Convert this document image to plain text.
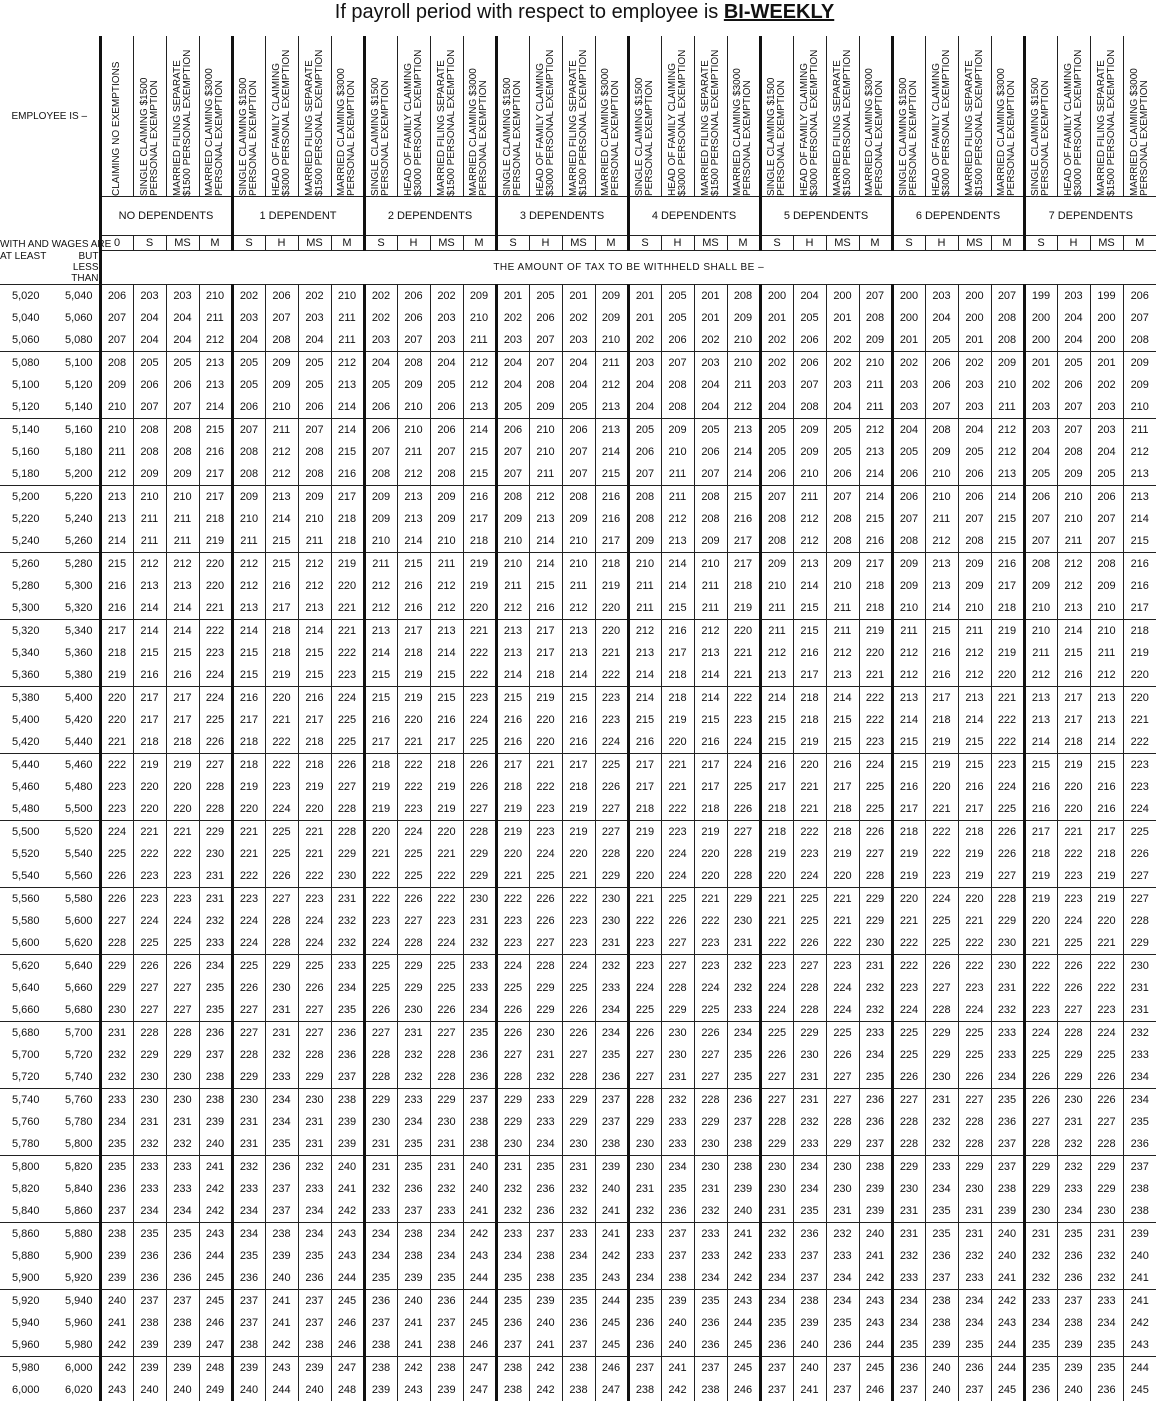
If payroll period with respect to employee is BI-WEEKLY
EMPLOYEE IS –		CLAIMING NO EXEMPTIONS	SINGLE CLAIMING $1500 PERSONAL EXEMPTION	MARRIED FILING SEPARATE $1500 PERSONAL EXEMPTION	MARRIED CLAIMING $3000 PERSONAL EXEMPTION	SINGLE CLAIMING $1500 PERSONAL EXEMPTION	HEAD OF FAMILY CLAIMING $3000 PERSONAL EXEMPTION	MARRIED FILING SEPARATE $1500 PERSONAL EXEMPTION	MARRIED CLAIMING $3000 PERSONAL EXEMPTION	SINGLE CLAIMING $1500 PERSONAL EXEMPTION	HEAD OF FAMILY CLAIMING $3000 PERSONAL EXEMPTION	MARRIED FILING SEPARATE $1500 PERSONAL EXEMPTION	MARRIED CLAIMING $3000 PERSONAL EXEMPTION	SINGLE CLAIMING $1500 PERSONAL EXEMPTION	HEAD OF FAMILY CLAIMING $3000 PERSONAL EXEMPTION	MARRIED FILING SEPARATE $1500 PERSONAL EXEMPTION	MARRIED CLAIMING $3000 PERSONAL EXEMPTION	SINGLE CLAIMING $1500 PERSONAL EXEMPTION	HEAD OF FAMILY CLAIMING $3000 PERSONAL EXEMPTION	MARRIED FILING SEPARATE $1500 PERSONAL EXEMPTION	MARRIED CLAIMING $3000 PERSONAL EXEMPTION	SINGLE CLAIMING $1500 PERSONAL EXEMPTION	HEAD OF FAMILY CLAIMING $3000 PERSONAL EXEMPTION	MARRIED FILING SEPARATE $1500 PERSONAL EXEMPTION	MARRIED CLAIMING $3000 PERSONAL EXEMPTION	SINGLE CLAIMING $1500 PERSONAL EXEMPTION	HEAD OF FAMILY CLAIMING $3000 PERSONAL EXEMPTION	MARRIED FILING SEPARATE $1500 PERSONAL EXEMPTION	MARRIED CLAIMING $3000 PERSONAL EXEMPTION	SINGLE CLAIMING $1500 PERSONAL EXEMPTION	HEAD OF FAMILY CLAIMING $3000 PERSONAL EXEMPTION	MARRIED FILING SEPARATE $1500 PERSONAL EXEMPTION	MARRIED CLAIMING $3000 PERSONAL EXEMPTION

WITH AND WAGES ARE		NO DEPENDENTS				1 DEPENDENT				2 DEPENDENTS				3 DEPENDENTS				4 DEPENDENTS				5 DEPENDENTS				6 DEPENDENTS				7 DEPENDENTS			
		0	S	MS	M	S	H	MS	M	S	H	MS	M	S	H	MS	M	S	H	MS	M	S	H	MS	M	S	H	MS	M	S	H	MS	M
AT LEAST	BUT LESS THAN	THE AMOUNT OF TAX TO BE WITHHELD SHALL BE –																															
5,020	5,040	206	203	203	210	202	206	202	210	202	206	202	209	201	205	201	209	201	205	201	208	200	204	200	207	200	203	200	207	199	203	199	206
5,040	5,060	207	204	204	211	203	207	203	211	202	206	203	210	202	206	202	209	201	205	201	209	201	205	201	208	200	204	200	208	200	204	200	207
5,060	5,080	207	204	204	212	204	208	204	211	203	207	203	211	203	207	203	210	202	206	202	210	202	206	202	209	201	205	201	208	200	204	200	208
5,080	5,100	208	205	205	213	205	209	205	212	204	208	204	212	204	207	204	211	203	207	203	210	202	206	202	210	202	206	202	209	201	205	201	209
5,100	5,120	209	206	206	213	205	209	205	213	205	209	205	212	204	208	204	212	204	208	204	211	203	207	203	211	203	206	203	210	202	206	202	209
5,120	5,140	210	207	207	214	206	210	206	214	206	210	206	213	205	209	205	213	204	208	204	212	204	208	204	211	203	207	203	211	203	207	203	210
5,140	5,160	210	208	208	215	207	211	207	214	206	210	206	214	206	210	206	213	205	209	205	213	205	209	205	212	204	208	204	212	203	207	203	211
5,160	5,180	211	208	208	216	208	212	208	215	207	211	207	215	207	210	207	214	206	210	206	214	205	209	205	213	205	209	205	212	204	208	204	212
5,180	5,200	212	209	209	217	208	212	208	216	208	212	208	215	207	211	207	215	207	211	207	214	206	210	206	214	206	210	206	213	205	209	205	213
5,200	5,220	213	210	210	217	209	213	209	217	209	213	209	216	208	212	208	216	208	211	208	215	207	211	207	214	206	210	206	214	206	210	206	213
5,220	5,240	213	211	211	218	210	214	210	218	209	213	209	217	209	213	209	216	208	212	208	216	208	212	208	215	207	211	207	215	207	210	207	214
5,240	5,260	214	211	211	219	211	215	211	218	210	214	210	218	210	214	210	217	209	213	209	217	208	212	208	216	208	212	208	215	207	211	207	215
5,260	5,280	215	212	212	220	212	215	212	219	211	215	211	219	210	214	210	218	210	214	210	217	209	213	209	217	209	213	209	216	208	212	208	216
5,280	5,300	216	213	213	220	212	216	212	220	212	216	212	219	211	215	211	219	211	214	211	218	210	214	210	218	209	213	209	217	209	212	209	216
5,300	5,320	216	214	214	221	213	217	213	221	212	216	212	220	212	216	212	220	211	215	211	219	211	215	211	218	210	214	210	218	210	213	210	217
5,320	5,340	217	214	214	222	214	218	214	221	213	217	213	221	213	217	213	220	212	216	212	220	211	215	211	219	211	215	211	219	210	214	210	218
5,340	5,360	218	215	215	223	215	218	215	222	214	218	214	222	213	217	213	221	213	217	213	221	212	216	212	220	212	216	212	219	211	215	211	219
5,360	5,380	219	216	216	224	215	219	215	223	215	219	215	222	214	218	214	222	214	218	214	221	213	217	213	221	212	216	212	220	212	216	212	220
5,380	5,400	220	217	217	224	216	220	216	224	215	219	215	223	215	219	215	223	214	218	214	222	214	218	214	222	213	217	213	221	213	217	213	220
5,400	5,420	220	217	217	225	217	221	217	225	216	220	216	224	216	220	216	223	215	219	215	223	215	218	215	222	214	218	214	222	213	217	213	221
5,420	5,440	221	218	218	226	218	222	218	225	217	221	217	225	216	220	216	224	216	220	216	224	215	219	215	223	215	219	215	222	214	218	214	222
5,440	5,460	222	219	219	227	218	222	218	226	218	222	218	226	217	221	217	225	217	221	217	224	216	220	216	224	215	219	215	223	215	219	215	223
5,460	5,480	223	220	220	228	219	223	219	227	219	222	219	226	218	222	218	226	217	221	217	225	217	221	217	225	216	220	216	224	216	220	216	223
5,480	5,500	223	220	220	228	220	224	220	228	219	223	219	227	219	223	219	227	218	222	218	226	218	221	218	225	217	221	217	225	216	220	216	224
5,500	5,520	224	221	221	229	221	225	221	228	220	224	220	228	219	223	219	227	219	223	219	227	218	222	218	226	218	222	218	226	217	221	217	225
5,520	5,540	225	222	222	230	221	225	221	229	221	225	221	229	220	224	220	228	220	224	220	228	219	223	219	227	219	222	219	226	218	222	218	226
5,540	5,560	226	223	223	231	222	226	222	230	222	225	222	229	221	225	221	229	220	224	220	228	220	224	220	228	219	223	219	227	219	223	219	227
5,560	5,580	226	223	223	231	223	227	223	231	222	226	222	230	222	226	222	230	221	225	221	229	221	225	221	229	220	224	220	228	219	223	219	227
5,580	5,600	227	224	224	232	224	228	224	232	223	227	223	231	223	226	223	230	222	226	222	230	221	225	221	229	221	225	221	229	220	224	220	228
5,600	5,620	228	225	225	233	224	228	224	232	224	228	224	232	223	227	223	231	223	227	223	231	222	226	222	230	222	225	222	230	221	225	221	229
5,620	5,640	229	226	226	234	225	229	225	233	225	229	225	233	224	228	224	232	223	227	223	232	223	227	223	231	222	226	222	230	222	226	222	230
5,640	5,660	229	227	227	235	226	230	226	234	225	229	225	233	225	229	225	233	224	228	224	232	224	228	224	232	223	227	223	231	222	226	222	231
5,660	5,680	230	227	227	235	227	231	227	235	226	230	226	234	226	229	226	234	225	229	225	233	224	228	224	232	224	228	224	232	223	227	223	231
5,680	5,700	231	228	228	236	227	231	227	236	227	231	227	235	226	230	226	234	226	230	226	234	225	229	225	233	225	229	225	233	224	228	224	232
5,700	5,720	232	229	229	237	228	232	228	236	228	232	228	236	227	231	227	235	227	230	227	235	226	230	226	234	225	229	225	233	225	229	225	233
5,720	5,740	232	230	230	238	229	233	229	237	228	232	228	236	228	232	228	236	227	231	227	235	227	231	227	235	226	230	226	234	226	229	226	234
5,740	5,760	233	230	230	238	230	234	230	238	229	233	229	237	229	233	229	237	228	232	228	236	227	231	227	236	227	231	227	235	226	230	226	234
5,760	5,780	234	231	231	239	231	234	231	239	230	234	230	238	229	233	229	237	229	233	229	237	228	232	228	236	228	232	228	236	227	231	227	235
5,780	5,800	235	232	232	240	231	235	231	239	231	235	231	238	230	234	230	238	230	233	230	238	229	233	229	237	228	232	228	237	228	232	228	236
5,800	5,820	235	233	233	241	232	236	232	240	231	235	231	240	231	235	231	239	230	234	230	238	230	234	230	238	229	233	229	237	229	232	229	237
5,820	5,840	236	233	233	242	233	237	233	241	232	236	232	240	232	236	232	240	231	235	231	239	230	234	230	239	230	234	230	238	229	233	229	238
5,840	5,860	237	234	234	242	234	237	234	242	233	237	233	241	232	236	232	241	232	236	232	240	231	235	231	239	231	235	231	239	230	234	230	238
5,860	5,880	238	235	235	243	234	238	234	243	234	238	234	242	233	237	233	241	233	237	233	241	232	236	232	240	231	235	231	240	231	235	231	239
5,880	5,900	239	236	236	244	235	239	235	243	234	238	234	243	234	238	234	242	233	237	233	242	233	237	233	241	232	236	232	240	232	236	232	240
5,900	5,920	239	236	236	245	236	240	236	244	235	239	235	244	235	238	235	243	234	238	234	242	234	237	234	242	233	237	233	241	232	236	232	241
5,920	5,940	240	237	237	245	237	241	237	245	236	240	236	244	235	239	235	244	235	239	235	243	234	238	234	243	234	238	234	242	233	237	233	241
5,940	5,960	241	238	238	246	237	241	237	246	237	241	237	245	236	240	236	245	236	240	236	244	235	239	235	243	234	238	234	243	234	238	234	242
5,960	5,980	242	239	239	247	238	242	238	246	238	241	238	246	237	241	237	245	236	240	236	245	236	240	236	244	235	239	235	244	235	239	235	243
5,980	6,000	242	239	239	248	239	243	239	247	238	242	238	247	238	242	238	246	237	241	237	245	237	240	237	245	236	240	236	244	235	239	235	244
6,000	6,020	243	240	240	249	240	244	240	248	239	243	239	247	238	242	238	247	238	242	238	246	237	241	237	246	237	240	237	245	236	240	236	245
